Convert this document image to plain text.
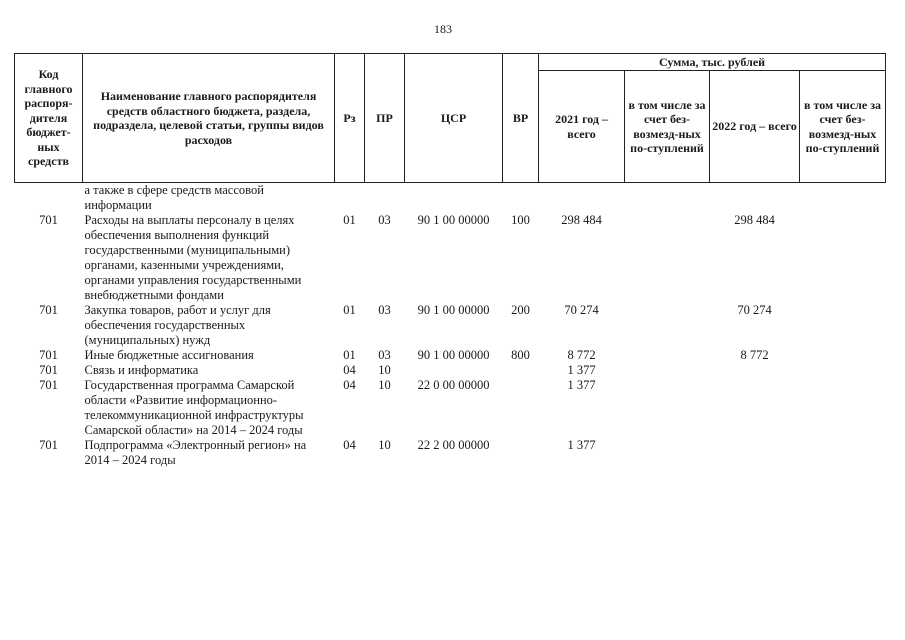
183
Код главного распоря-дителя бюджет-ных средств	Наименование главного распорядителя средств областного бюджета, раздела, подраздела, целевой статьи, группы видов расходов	Рз	ПР	ЦСР	ВР	Сумма, тыс. рублей			
						2021 год – всего	в том числе за счет без-возмезд-ных по-ступлений	2022 год – всего	в том числе за счет без-возмезд-ных по-ступлений
	а также в сфере средств массовой информации								
701	Расходы на выплаты персоналу в целях обеспечения выполнения функций государственными (муниципальными) органами, казенными учреждениями, органами управления государственными внебюджетными фондами	01	03	90 1 00 00000	100	298 484		298 484	
701	Закупка товаров, работ и услуг для обеспечения государственных (муниципальных) нужд	01	03	90 1 00 00000	200	70 274		70 274	
701	Иные бюджетные ассигнования	01	03	90 1 00 00000	800	8 772		8 772	
701	Связь и информатика	04	10			1 377			
701	Государственная программа Самарской области «Развитие информационно-телекоммуникационной инфраструктуры Самарской области» на 2014 – 2024 годы	04	10	22 0 00 00000		1 377			
701	Подпрограмма «Электронный регион» на 2014 – 2024 годы	04	10	22 2 00 00000		1 377			
